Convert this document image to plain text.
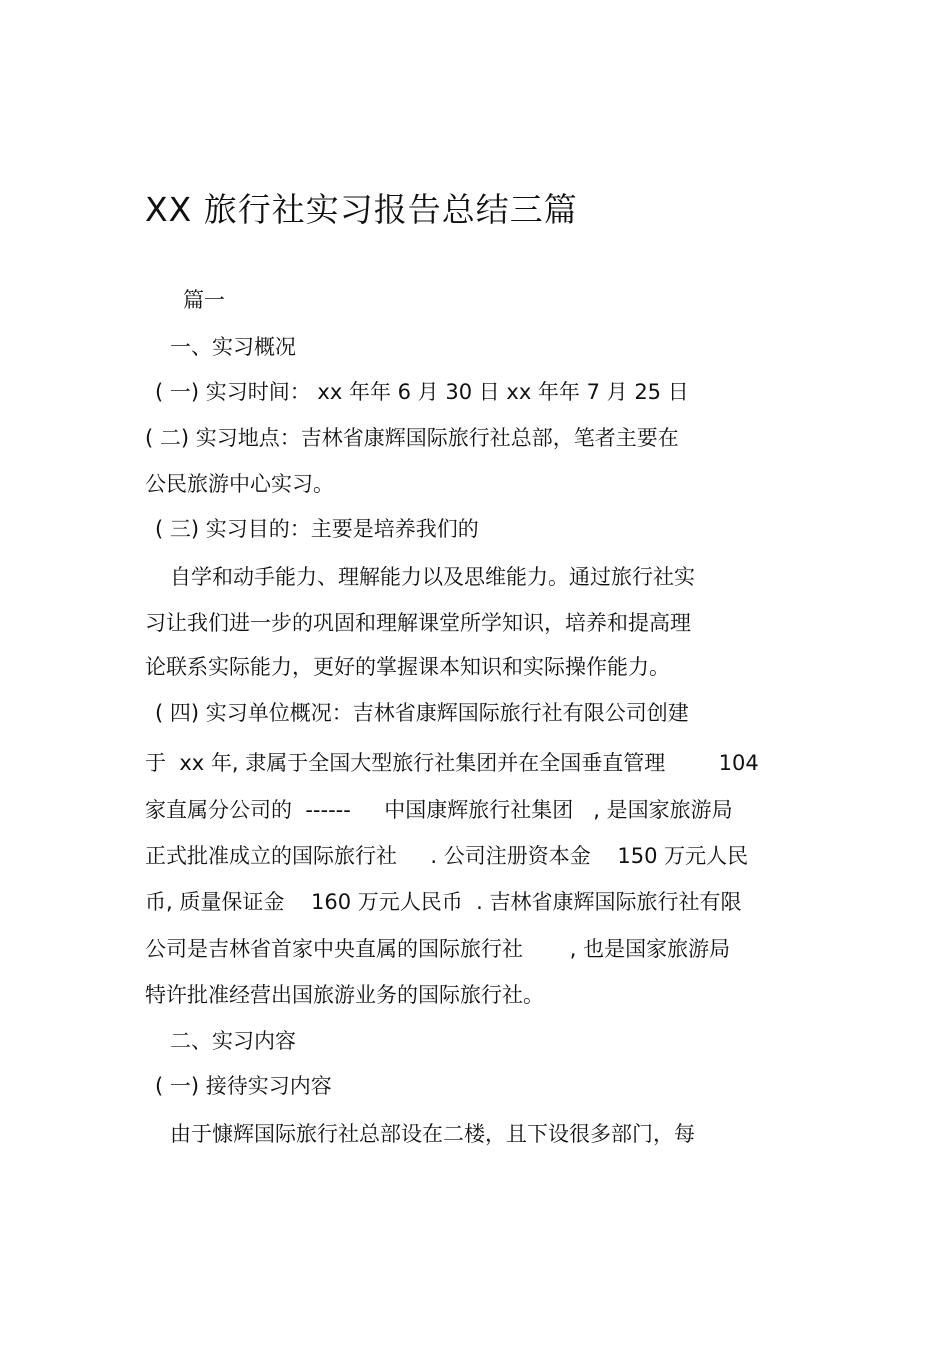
XX 旅行社实习报告总结三篇
篇一
一、实习概况
( 一) 实习时间： xx 年年 6 月 30 日 xx 年年 7 月 25 日
( 二) 实习地点：吉林省康辉国际旅行社总部，笔者主要在
公民旅游中心实习。
( 三) 实习目的：主要是培养我们的
自学和动手能力、理解能力以及思维能力。通过旅行社实
习让我们进一步的巩固和理解课堂所学知识，培养和提高理
论联系实际能力，更好的掌握课本知识和实际操作能力。
( 四) 实习单位概况：吉林省康辉国际旅行社有限公司创建
于  xx 年, 隶属于全国大型旅行社集团并在全国垂直管理        104
家直属分公司的  ------     中国康辉旅行社集团   , 是国家旅游局
正式批准成立的国际旅行社     . 公司注册资本金    150 万元人民
币, 质量保证金    160 万元人民币  . 吉林省康辉国际旅行社有限
公司是吉林省首家中央直属的国际旅行社       , 也是国家旅游局
特许批准经营出国旅游业务的国际旅行社。
二、实习内容
( 一) 接待实习内容
由于慷辉国际旅行社总部设在二楼，且下设很多部门，每
